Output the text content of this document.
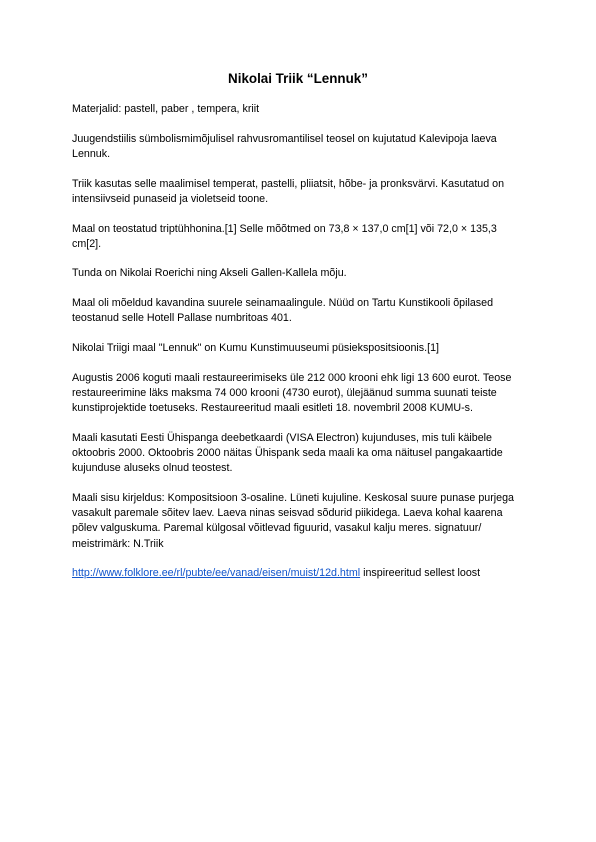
Nikolai Triik “Lennuk”

Materjalid: pastell, paber , tempera, kriit

Juugendstiilis sümbolismimõjulisel rahvusromantilisel teosel on kujutatud Kalevipoja laeva Lennuk.

Triik kasutas selle maalimisel temperat, pastelli, pliiatsit, hõbe- ja pronksvärvi. Kasutatud on intensiivseid punaseid ja violetseid toone.

Maal on teostatud triptühhonina.[1] Selle mõõtmed on 73,8 × 137,0 cm[1] või 72,0 × 135,3 cm[2].

Tunda on Nikolai Roerichi ning Akseli Gallen-Kallela mõju.

Maal oli mõeldud kavandina suurele seinamaalingule. Nüüd on Tartu Kunstikooli õpilased teostanud selle Hotell Pallase numbritoas 401.

Nikolai Triigi maal "Lennuk" on Kumu Kunstimuuseumi püsiekspositsioonis.[1]

Augustis 2006 koguti maali restaureerimiseks üle 212 000 krooni ehk ligi 13 600 eurot. Teose restaureerimine läks maksma 74 000 krooni (4730 eurot), ülejäänud summa suunati teiste kunstiprojektide toetuseks. Restaureeritud maali esitleti 18. novembril 2008 KUMU-s.

Maali kasutati Eesti Ühispanga deebetkaardi (VISA Electron) kujunduses, mis tuli käibele oktoobris 2000. Oktoobris 2000 näitas Ühispank seda maali ka oma näitusel pangakaartide kujunduse aluseks olnud teostest.

Maali sisu kirjeldus: Kompositsioon 3-osaline. Lüneti kujuline. Keskosal suure punase purjega vasakult paremale sõitev laev. Laeva ninas seisvad sõdurid piikidega. Laeva kohal kaarena põlev valguskuma. Paremal külgosal võitlevad figuurid, vasakul kalju meres. signatuur/ meistrimärk: N.Triik

http://www.folklore.ee/rl/pubte/ee/vanad/eisen/muist/12d.html inspireeritud sellest loost
